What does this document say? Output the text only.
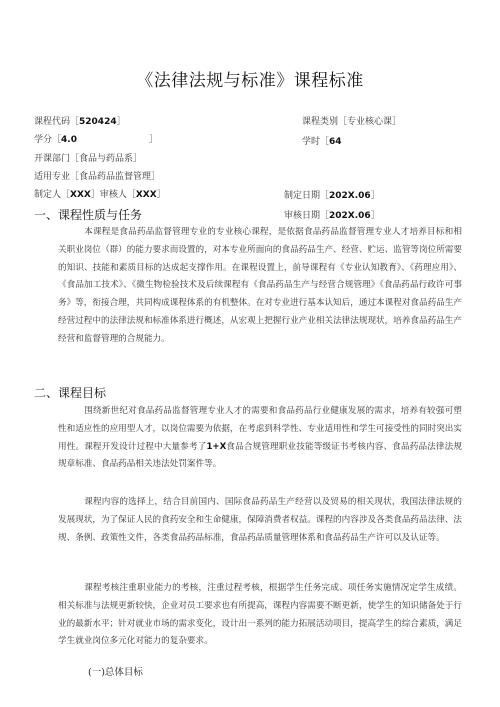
《法律法规与标准》课程标准
课程代码［520424］
学分［4.0	］
开课部门［食品与药品系］
适用专业［食品药品监督管理］
制定人［XXX］审核人［XXX］
课程类别［专业核心课］
学时［64
制定日期［202X.06］
审核日期［202X.06］
一、课程性质与任务
本课程是食品药品监督管理专业的专业核心课程，是依据食品药品监督管理专业人才培养目标和相关职业岗位（群）的能力要求而设置的，对本专业所面向的食品药品生产、经营、贮运、监管等岗位所需要的知识、技能和素质目标的达成起支撑作用。在课程设置上，前导课程有《专业认知教育》、《药理应用》、《食品加工技术》、《微生物检验技术及后续课程有《食品药品生产与经营合规管理》《食品药品行政许可事务》等，衔接合理，共同构成课程体系的有机整体。在对专业进行基本认知后，通过本课程对食品药品生产经营过程中的法律法规和标准体系进行概述，从宏观上把握行业产业相关法律法规现状，培养食品药品生产经营和监督管理的合规能力。
二、课程目标
围绕新世纪对食品药品监督管理专业人才的需要和食品药品行业健康发展的需求，培养有较强可塑性和适应性的应用型人才，以岗位需要为依据，在考虑到科学性、专业适用性和学生可接受性的同时突出实用性。课程开发设计过程中大量参考了1+X食品合规管理职业技能等级证书考核内容、食品药品法律法规规章标准、食品药品相关违法处罚案件等。
课程内容的选择上，结合目前国内、国际食品药品生产经营以及贸易的相关现状，我国法律法规的发展现状，为了保证人民的食药安全和生命健康，保障消费者权益。课程的内容涉及各类食品药品法律、法规、条例、政策性文件，各类食品药品标准，食品药品质量管理体系和食品药品生产许可以及认证等。
课程考核注重职业能力的考核，注重过程考核，根据学生任务完成、项任务实施情况定学生成绩。相关标准与法规更新较快，企业对员工要求也有所提高，课程内容需要不断更新，使学生的知识储备处于行业的最新水平；针对就业市场的需求变化，设计出一系列的能力拓展活动项目，提高学生的综合素质，满足学生就业岗位多元化对能力的复杂要求。
(一)总体目标
